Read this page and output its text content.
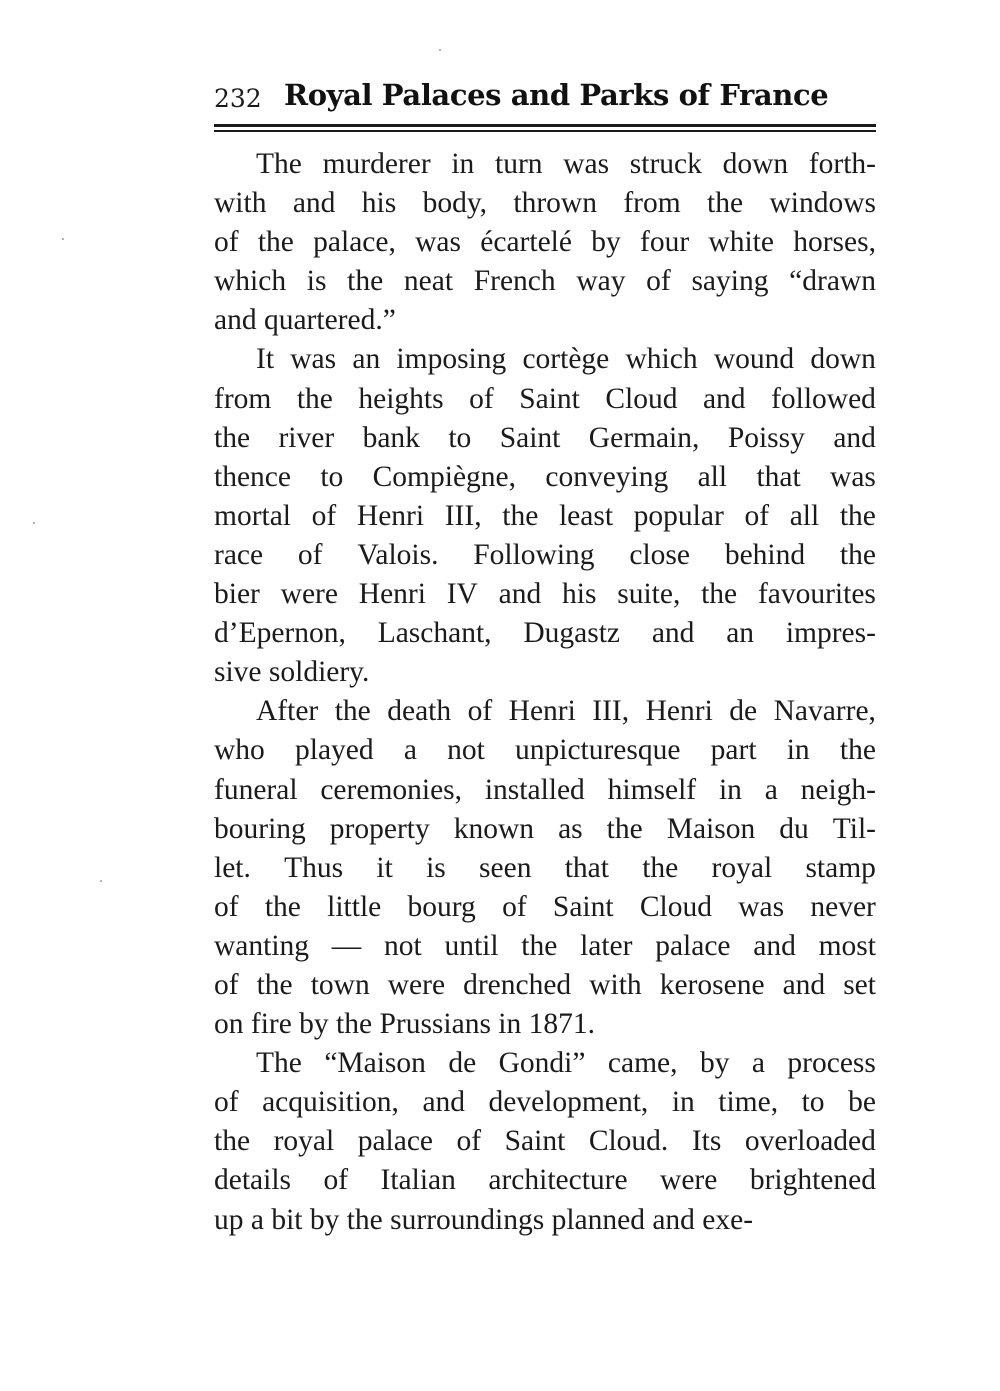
232 Royal Palaces and Parks of France
The murderer in turn was struck down forth-
with and his body, thrown from the windows
of the palace, was écartelé by four white horses,
which is the neat French way of saying “drawn
and quartered.”
It was an imposing cortège which wound down
from the heights of Saint Cloud and followed
the river bank to Saint Germain, Poissy and
thence to Compiègne, conveying all that was
mortal of Henri III, the least popular of all the
race of Valois. Following close behind the
bier were Henri IV and his suite, the favourites
d’Epernon, Laschant, Dugastz and an impres-
sive soldiery.
After the death of Henri III, Henri de Navarre,
who played a not unpicturesque part in the
funeral ceremonies, installed himself in a neigh-
bouring property known as the Maison du Til-
let. Thus it is seen that the royal stamp
of the little bourg of Saint Cloud was never
wanting — not until the later palace and most
of the town were drenched with kerosene and set
on fire by the Prussians in 1871.
The “Maison de Gondi” came, by a process
of acquisition, and development, in time, to be
the royal palace of Saint Cloud. Its overloaded
details of Italian architecture were brightened
up a bit by the surroundings planned and exe-
